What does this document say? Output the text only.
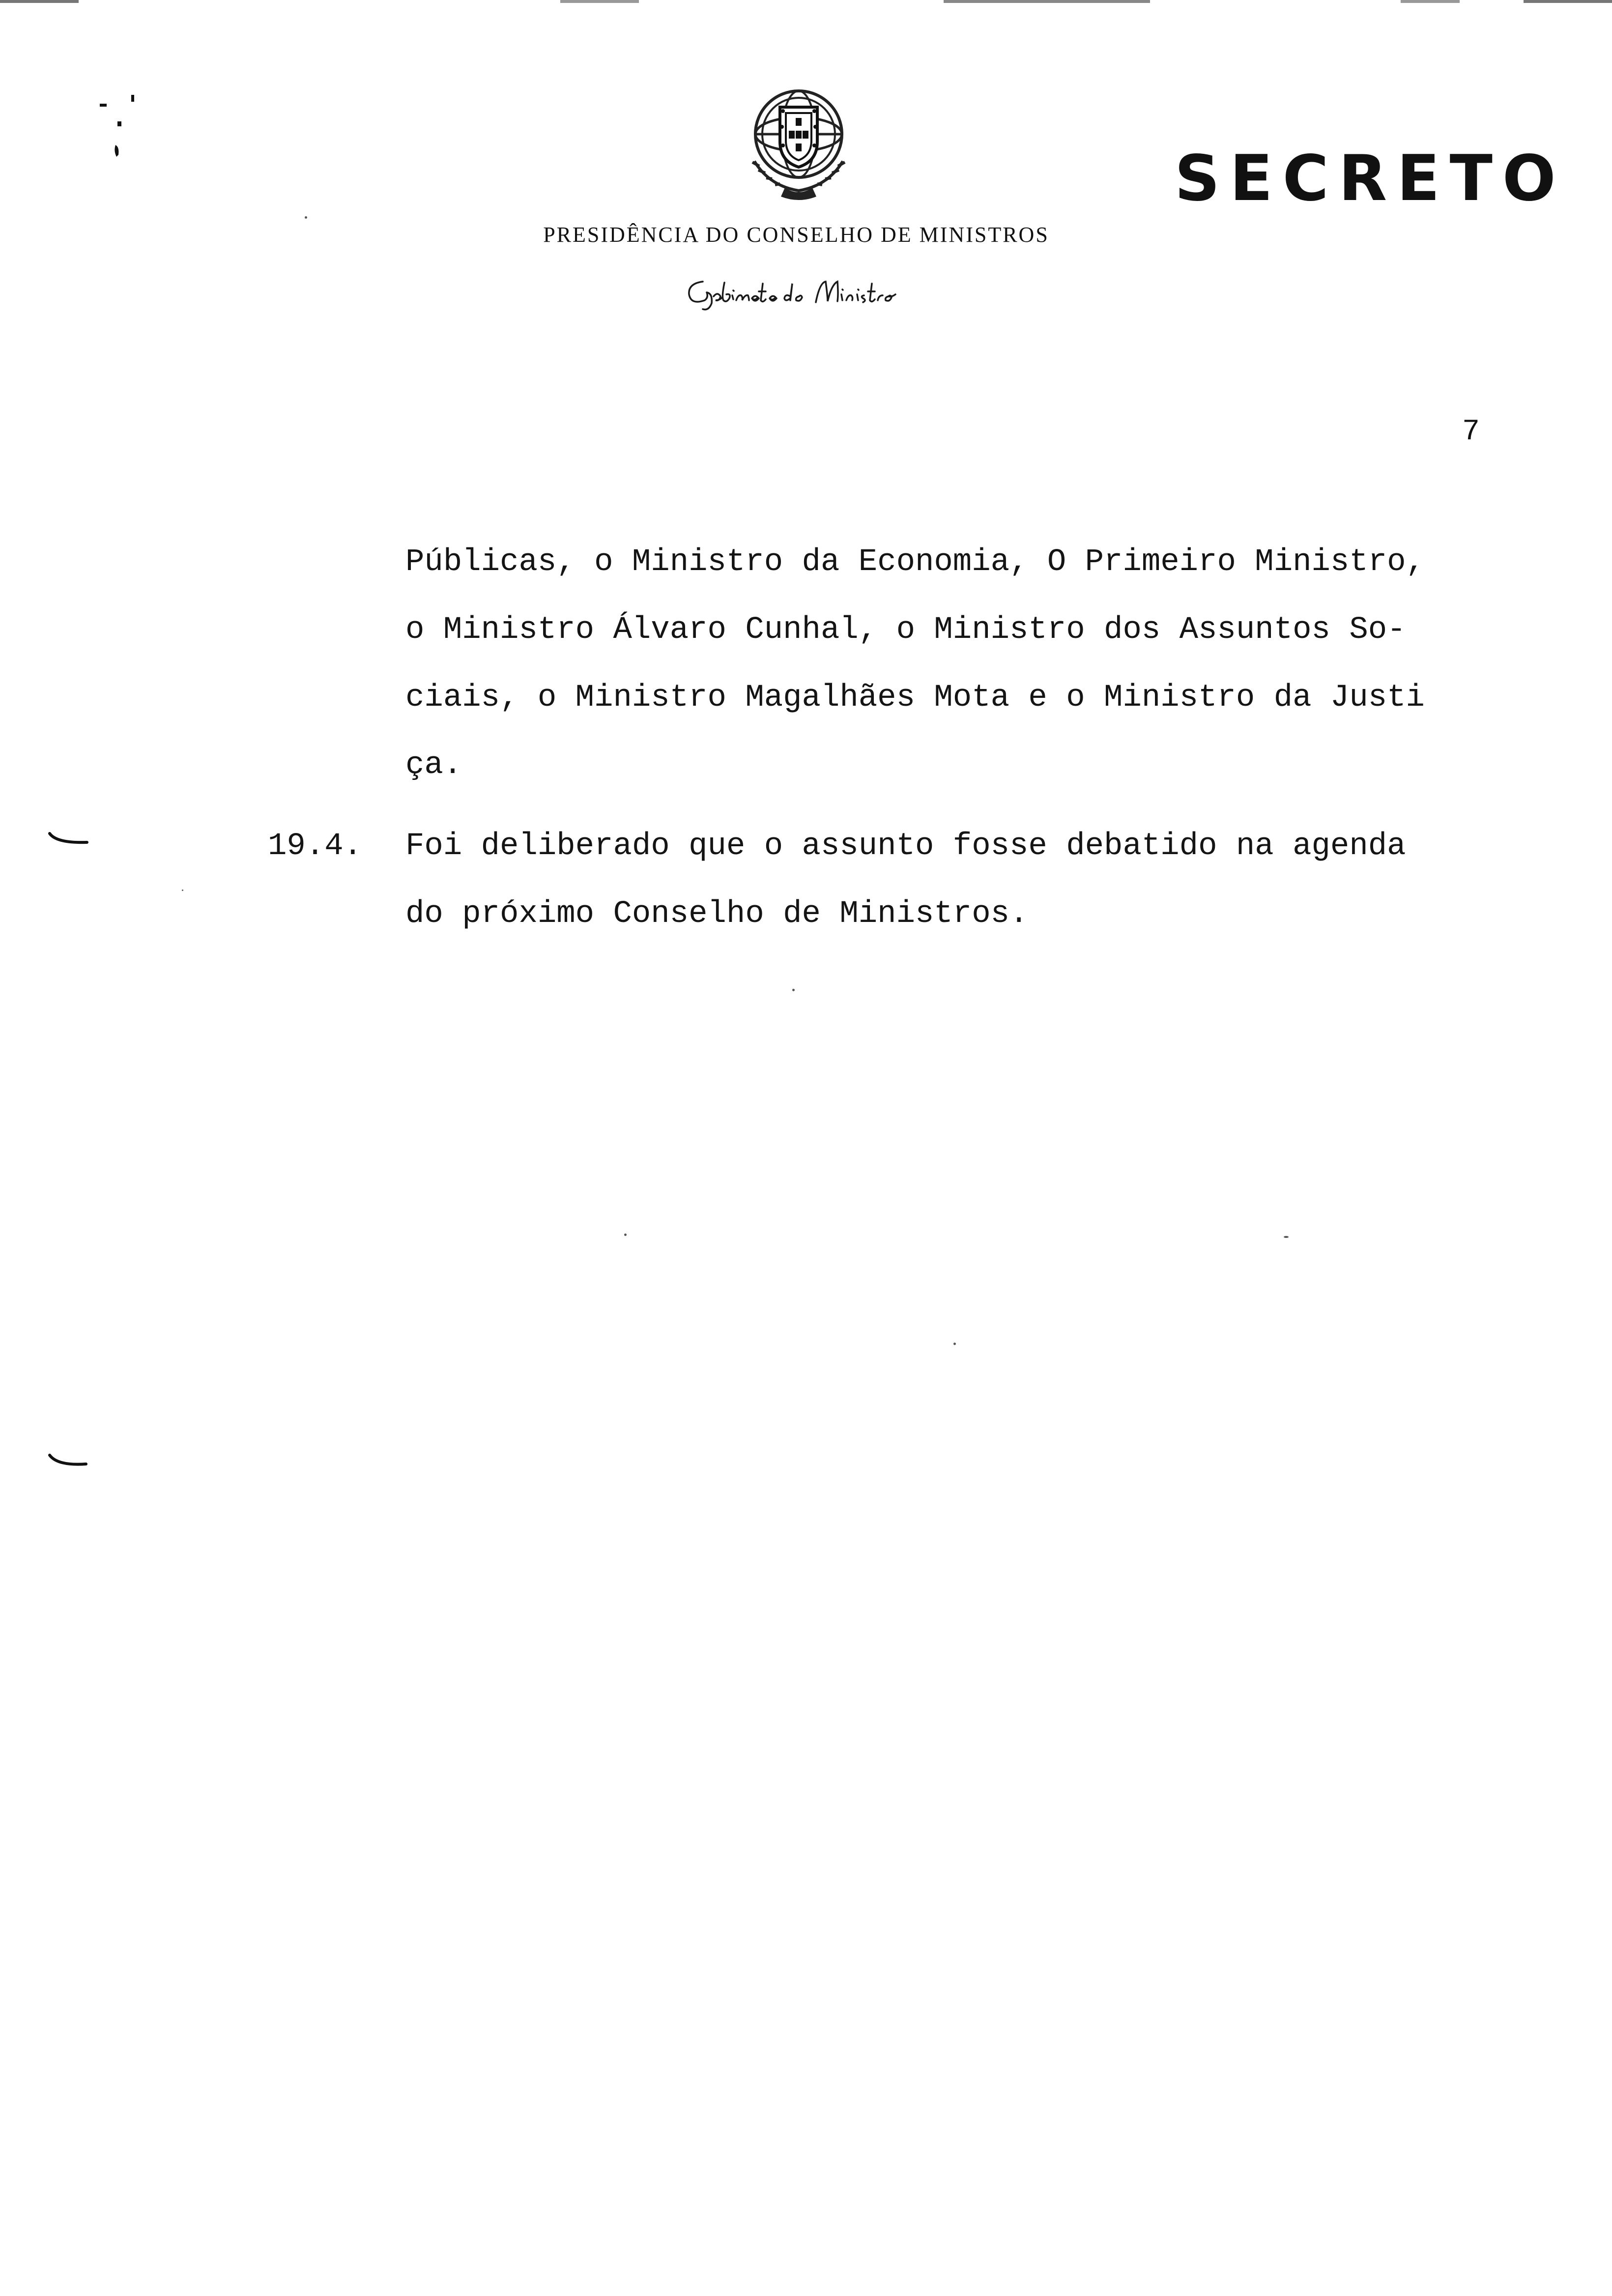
SECRETO
PRESIDÊNCIA DO CONSELHO DE MINISTROS
7
Públicas, o Ministro da Economia, O Primeiro Ministro,
o Ministro Álvaro Cunhal, o Ministro dos Assuntos So-
ciais, o Ministro Magalhães Mota e o Ministro da Justi
ça.
19.4. Foi deliberado que o assunto fosse debatido na agenda
do próximo Conselho de Ministros.
